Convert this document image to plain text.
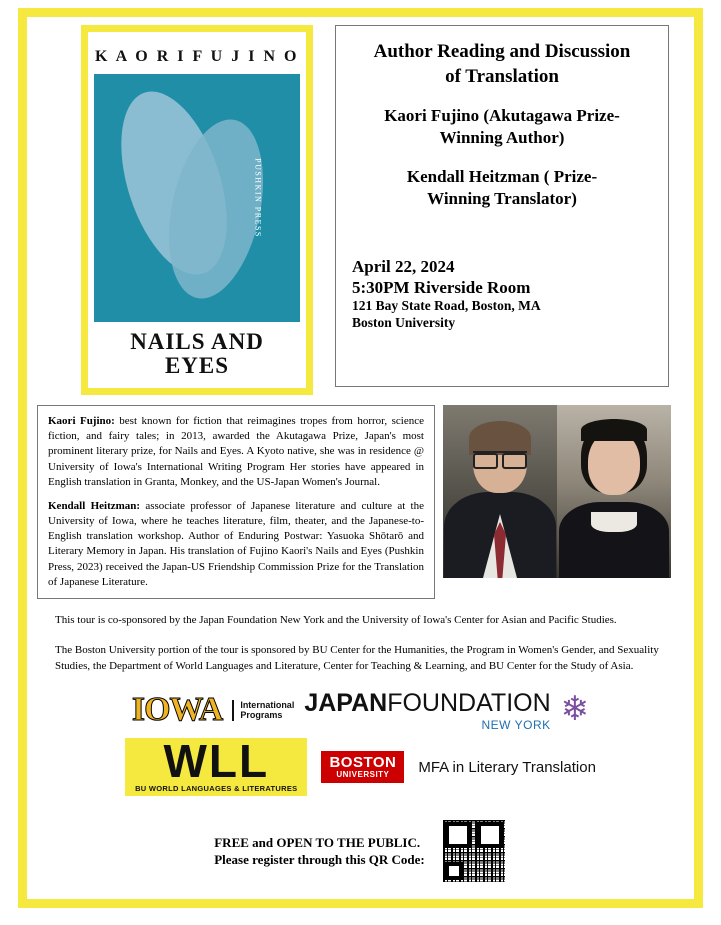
K A O R I F U J I N O
PUSHKIN PRESS
NAILS AND
EYES
Author Reading and Discussion
of Translation
Kaori Fujino (Akutagawa Prize-
Winning Author)
Kendall Heitzman ( Prize-
Winning Translator)
April 22, 2024
5:30PM Riverside Room
121 Bay State Road, Boston, MA
Boston University

Kaori Fujino: best known for fiction that reimagines tropes from horror, science fiction, and fairy tales; in 2013, awarded the Akutagawa Prize, Japan's most prominent literary prize, for Nails and Eyes. A Kyoto native, she was in residence @ University of Iowa's International Writing Program Her stories have appeared in English translation in Granta, Monkey, and the US-Japan Women's Journal.

Kendall Heitzman: associate professor of Japanese literature and culture at the University of Iowa, where he teaches literature, film, theater, and the Japanese-to-English translation workshop. Author of Enduring Postwar: Yasuoka Shōtarō and Literary Memory in Japan. His translation of Fujino Kaori's Nails and Eyes (Pushkin Press, 2023) received the Japan-US Friendship Commission Prize for the Translation of Japanese Literature.

This tour is co-sponsored by the Japan Foundation New York and the University of Iowa's Center for Asian and Pacific Studies.

The Boston University portion of the tour is sponsored by BU Center for the Humanities, the Program in Women's Gender, and Sexuality Studies, the Department of World Languages and Literature, Center for Teaching & Learning, and BU Center for the Study of Asia.

IOWA International
Programs JAPAN FOUNDATION
NEW YORK ❄
WLL
BU WORLD LANGUAGES & LITERATURES
BOSTON
UNIVERSITY	MFA in Literary Translation
FREE and OPEN TO THE PUBLIC.
Please register through this QR Code:
